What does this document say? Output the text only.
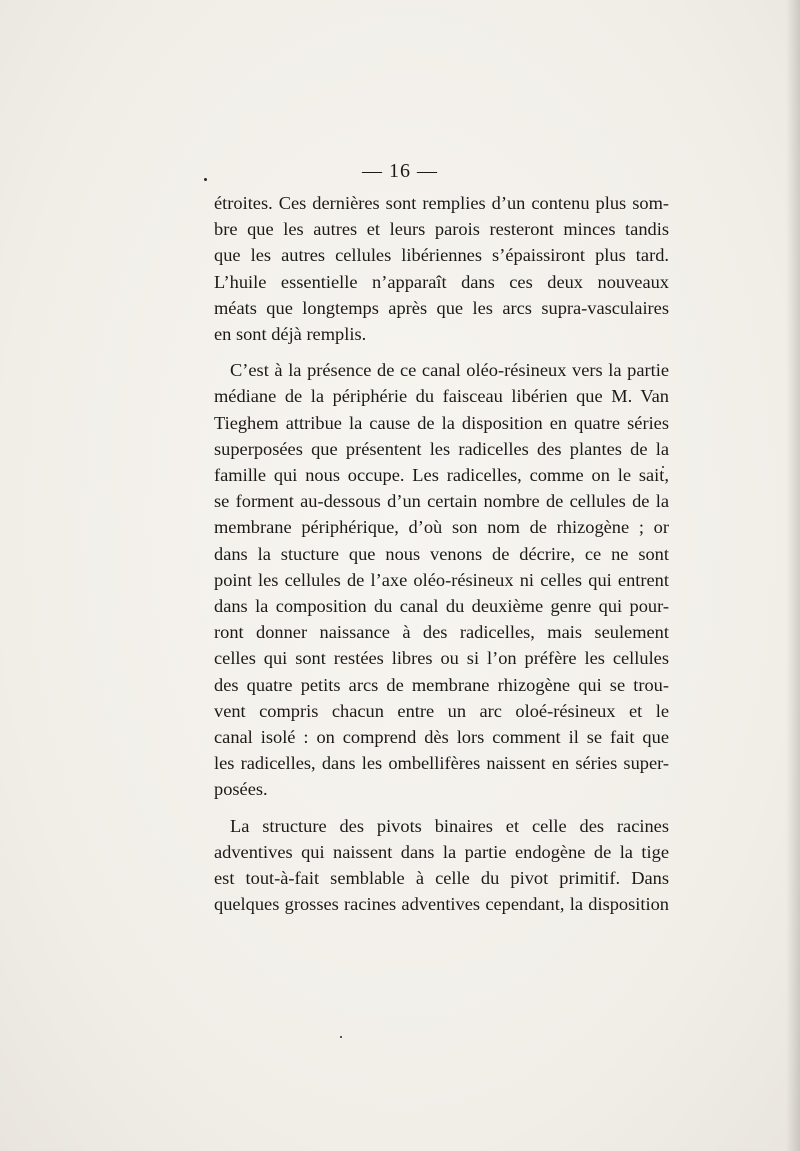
— 16 —

étroites. Ces dernières sont remplies d’un contenu plus som-
bre que les autres et leurs parois resteront minces tandis
que les autres cellules libériennes s’épaissiront plus tard.
L’huile essentielle n’apparaît dans ces deux nouveaux
méats que longtemps après que les arcs supra-vasculaires
en sont déjà remplis.

C’est à la présence de ce canal oléo-résineux vers la partie
médiane de la périphérie du faisceau libérien que M. Van
Tieghem attribue la cause de la disposition en quatre séries
superposées que présentent les radicelles des plantes de la
famille qui nous occupe. Les radicelles, comme on le sait,
se forment au-dessous d’un certain nombre de cellules de la
membrane périphérique, d’où son nom de rhizogène ; or
dans la stucture que nous venons de décrire, ce ne sont
point les cellules de l’axe oléo-résineux ni celles qui entrent
dans la composition du canal du deuxième genre qui pour-
ront donner naissance à des radicelles, mais seulement
celles qui sont restées libres ou si l’on préfère les cellules
des quatre petits arcs de membrane rhizogène qui se trou-
vent compris chacun entre un arc oloé-résineux et le
canal isolé : on comprend dès lors comment il se fait que
les radicelles, dans les ombellifères naissent en séries super-
posées.

La structure des pivots binaires et celle des racines
adventives qui naissent dans la partie endogène de la tige
est tout-à-fait semblable à celle du pivot primitif. Dans
quelques grosses racines adventives cependant, la disposition
